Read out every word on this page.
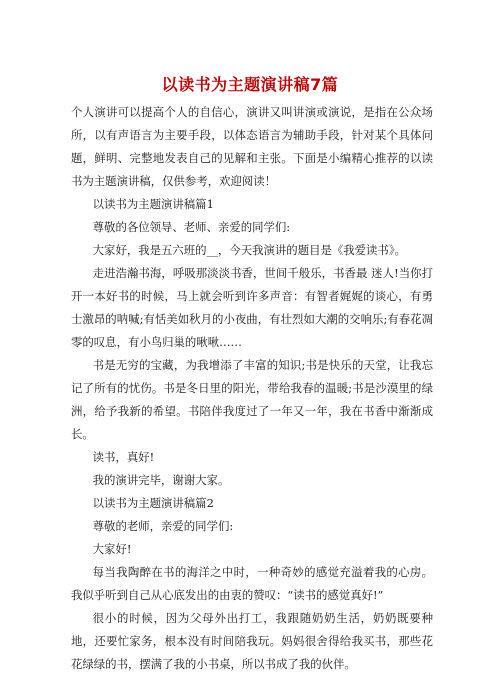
以读书为主题演讲稿7篇

个人演讲可以提高个人的自信心，演讲又叫讲演或演说，是指在公众场所，以有声语言为主要手段，以体态语言为辅助手段，针对某个具体问题，鲜明、完整地发表自己的见解和主张。下面是小编精心推荐的以读书为主题演讲稿，仅供参考，欢迎阅读！

以读书为主题演讲稿篇1

尊敬的各位领导、老师、亲爱的同学们:

大家好，我是五六班的__，今天我演讲的题目是《我爱读书》。

走进浩瀚书海，呼吸那淡淡书香，世间千般乐，书香最 迷人!当你打开一本好书的时候，马上就会听到许多声音：有智者娓娓的谈心，有勇士激昂的呐喊;有恬美如秋月的小夜曲，有壮烈如大潮的交响乐;有春花凋零的叹息，有小鸟归巢的啾啾……

书是无穷的宝藏，为我增添了丰富的知识;书是快乐的天堂，让我忘记了所有的忧伤。书是冬日里的阳光，带给我春的温暖;书是沙漠里的绿洲，给予我新的希望。书陪伴我度过了一年又一年，我在书香中渐渐成长。

读书，真好!

我的演讲完毕，谢谢大家。

以读书为主题演讲稿篇2

尊敬的老师，亲爱的同学们:

大家好!

每当我陶醉在书的海洋之中时，一种奇妙的感觉充溢着我的心房。我似乎听到自己从心底发出的由衷的赞叹：“读书的感觉真好!”

很小的时候，因为父母外出打工，我跟随奶奶生活，奶奶既要种地，还要忙家务，根本没有时间陪我玩。妈妈很舍得给我买书，那些花花绿绿的书，摆满了我的小书桌，所以书成了我的伙伴。
